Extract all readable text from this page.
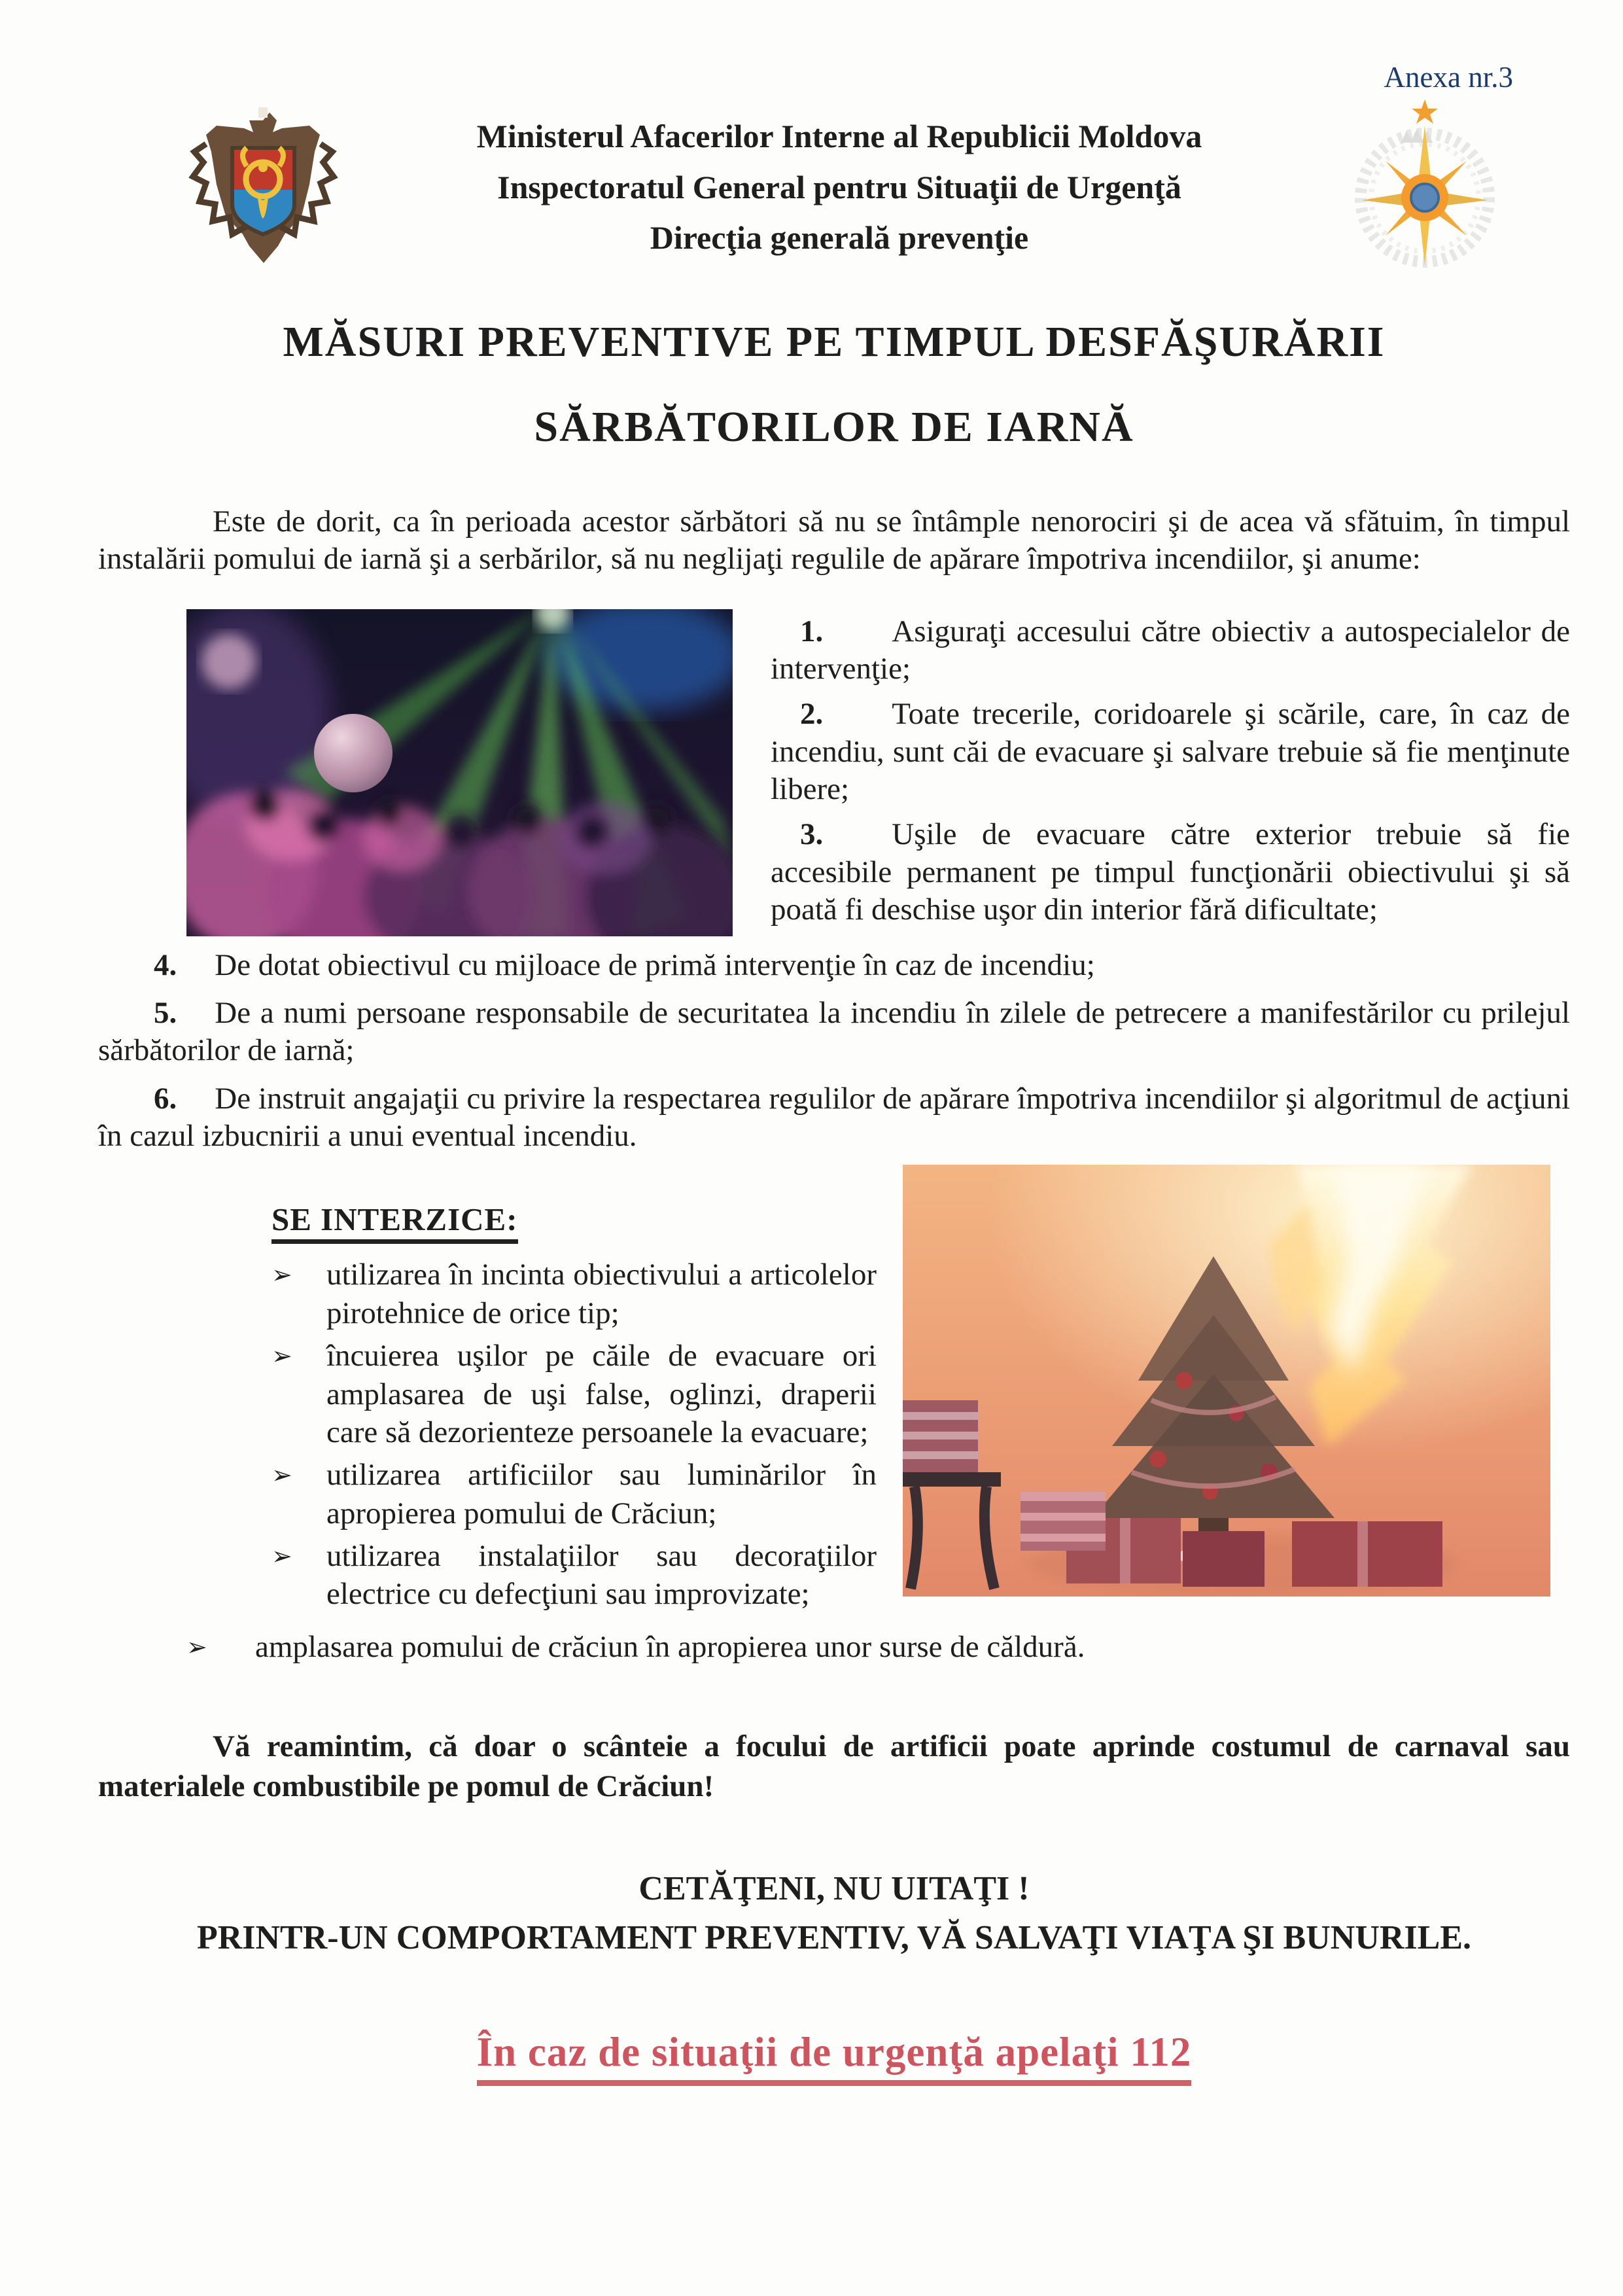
Anexa nr.3
Ministerul Afacerilor Interne al Republicii Moldova
Inspectoratul General pentru Situaţii de Urgenţă
Direcţia generală prevenţie
MĂSURI PREVENTIVE PE TIMPUL DESFĂŞURĂRII
SĂRBĂTORILOR DE IARNĂ

Este de dorit, ca în perioada acestor sărbători să nu se întâmple nenorociri şi de acea vă sfătuim, în timpul instalării pomului de iarnă şi a serbărilor, să nu neglijaţi regulile de apărare împotriva incendiilor, şi anume:

1. Asiguraţi accesului către obiectiv a autospecialelor de intervenţie;

2. Toate trecerile, coridoarele şi scările, care, în caz de incendiu, sunt căi de evacuare şi salvare trebuie să fie menţinute libere;

3. Uşile de evacuare către exterior trebuie să fie accesibile permanent pe timpul funcţionării obiectivului şi să poată fi deschise uşor din interior fără dificultate;

4. De dotat obiectivul cu mijloace de primă intervenţie în caz de incendiu;

5. De a numi persoane responsabile de securitatea la incendiu în zilele de petrecere a manifestărilor cu prilejul sărbătorilor de iarnă;

6. De instruit angajaţii cu privire la respectarea regulilor de apărare împotriva incendiilor şi algoritmul de acţiuni în cazul izbucnirii a unui eventual incendiu.

SE INTERZICE:

➢ utilizarea în incinta obiectivului a articolelor pirotehnice de orice tip;

➢ încuierea uşilor pe căile de evacuare ori amplasarea de uşi false, oglinzi, draperii care să dezorienteze persoanele la evacuare;

➢ utilizarea artificiilor sau luminărilor în apropierea pomului de Crăciun;

➢ utilizarea instalaţiilor sau decoraţiilor electrice cu defecţiuni sau improvizate;

➢ amplasarea pomului de crăciun în apropierea unor surse de căldură.

Vă reamintim, că doar o scânteie a focului de artificii poate aprinde costumul de carnaval sau materialele combustibile pe pomul de Crăciun!

CETĂŢENI, NU UITAŢI !

PRINTR-UN COMPORTAMENT PREVENTIV, VĂ SALVAŢI VIAŢA ŞI BUNURILE.

În caz de situaţii de urgenţă apelaţi 112
